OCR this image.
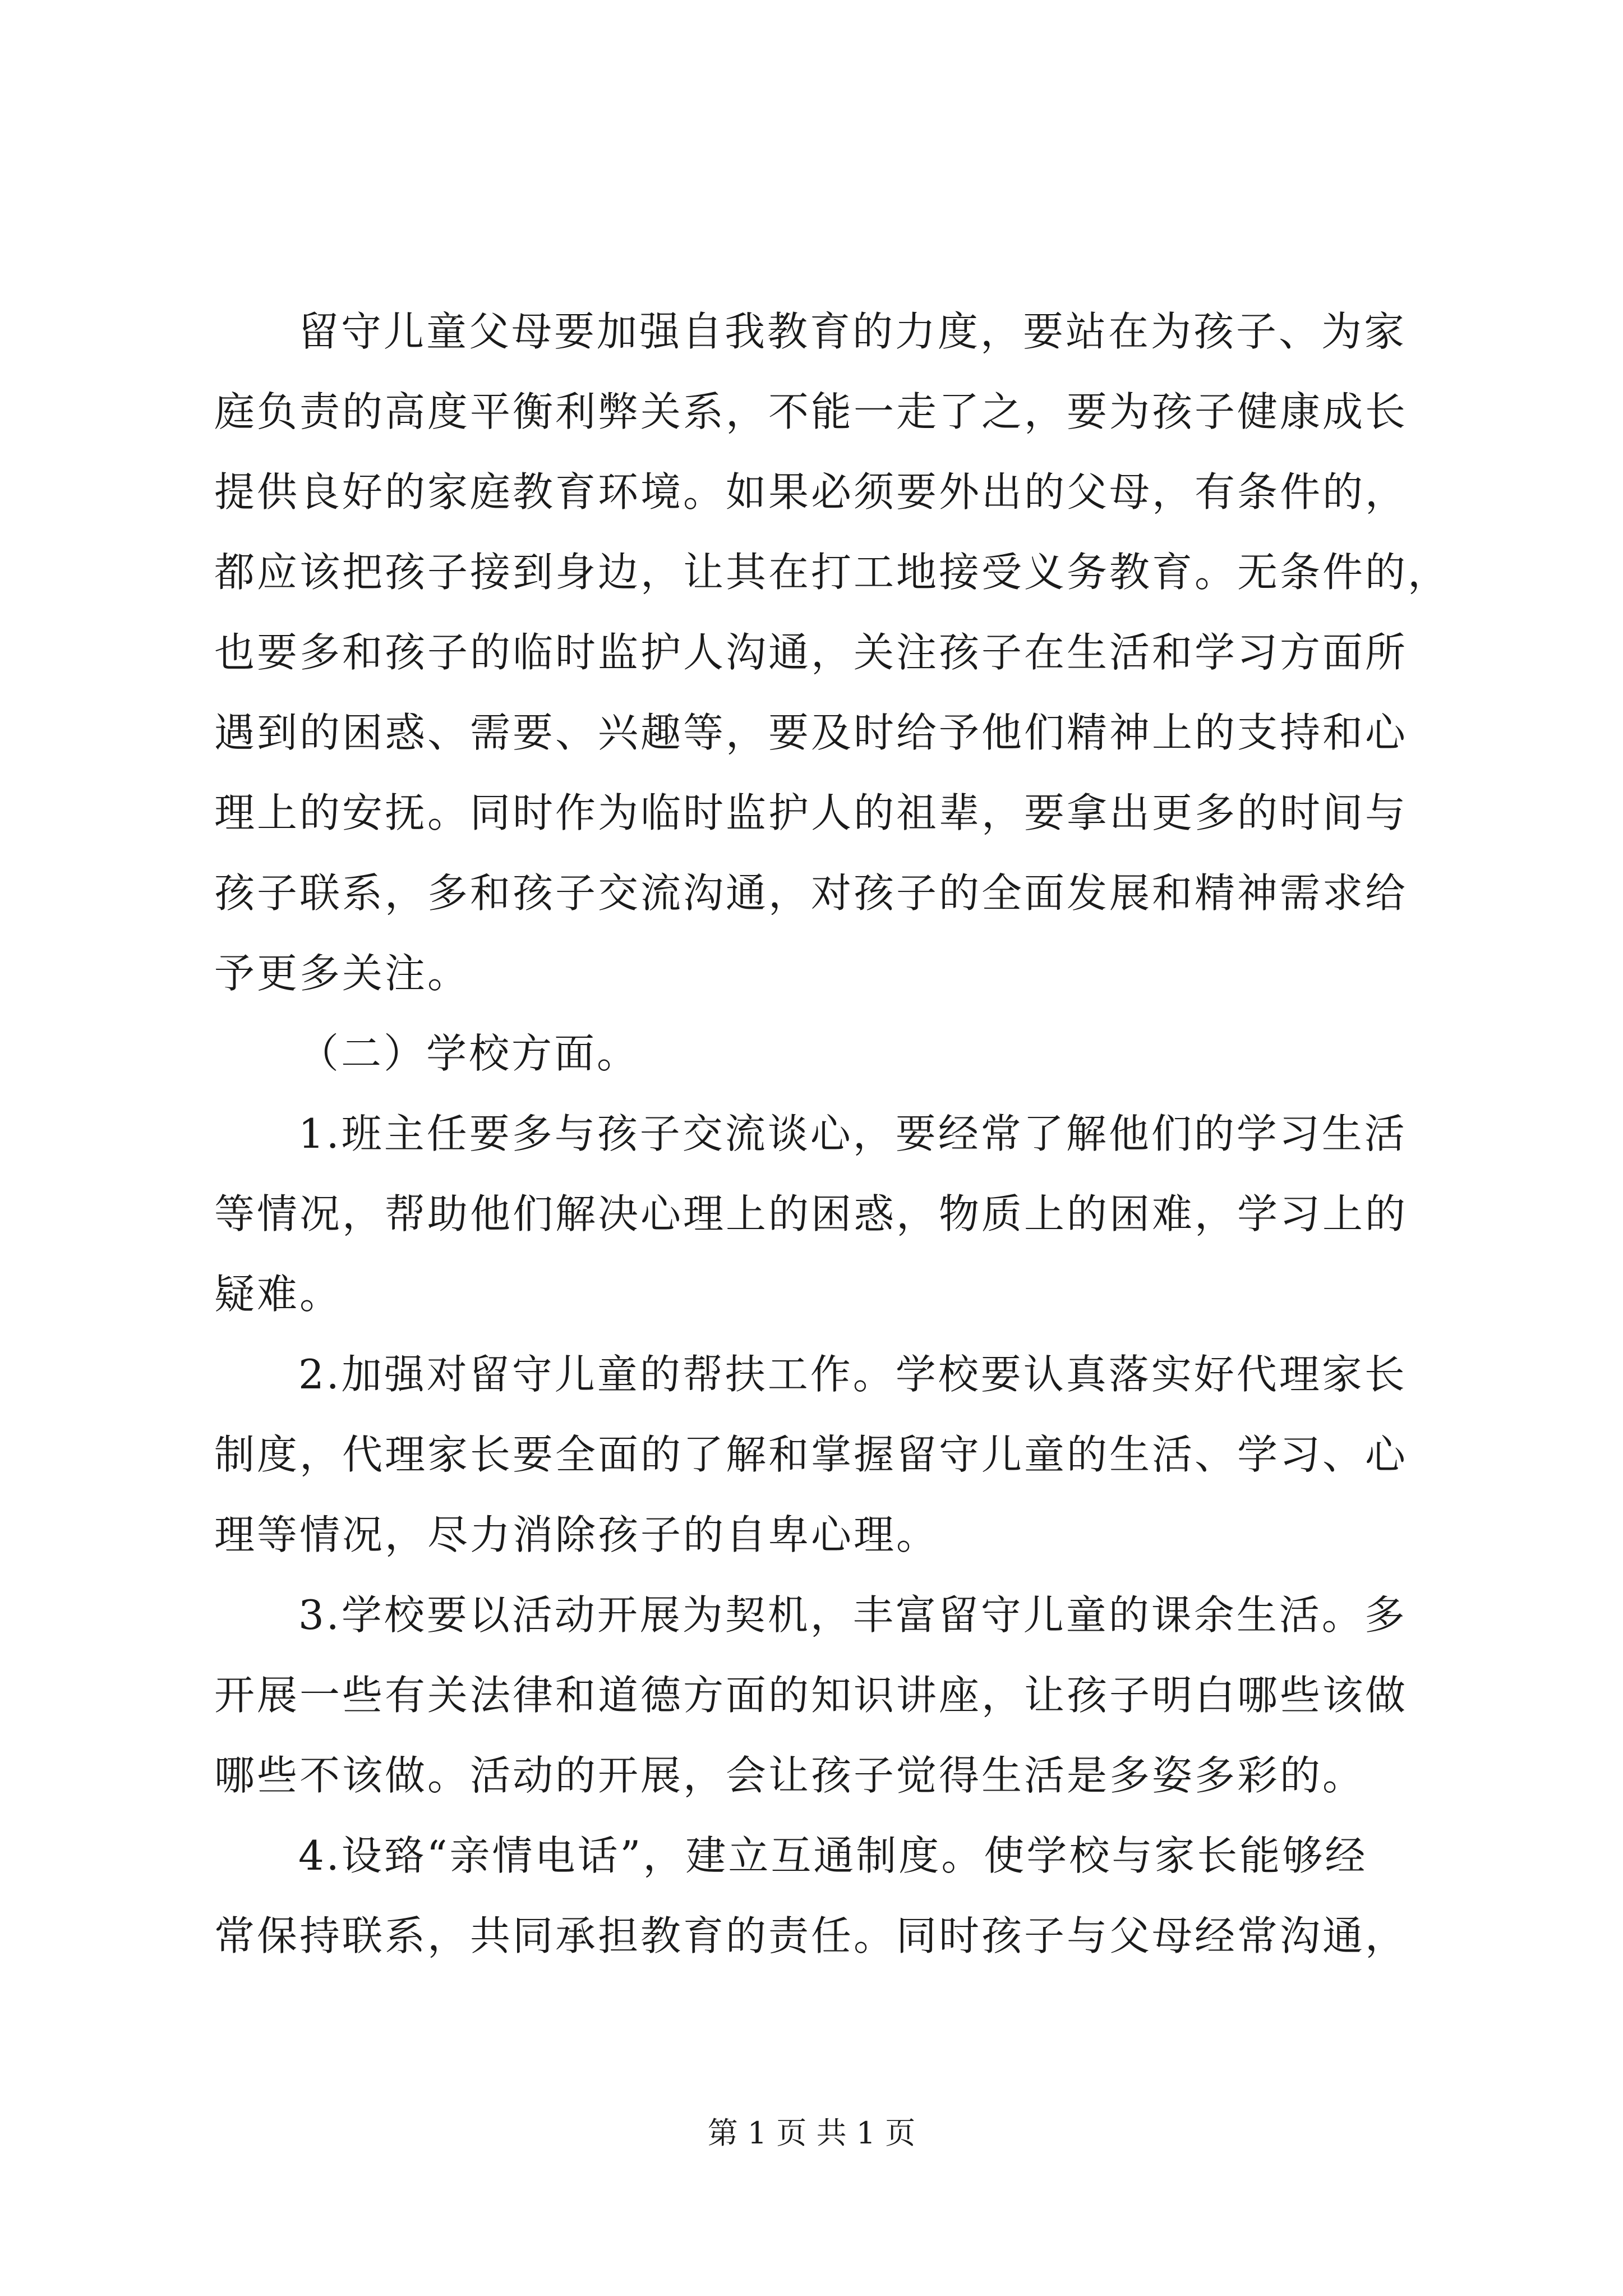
留守儿童父母要加强自我教育的力度，要站在为孩子、为家
庭负责的高度平衡利弊关系，不能一走了之，要为孩子健康成长
提供良好的家庭教育环境。如果必须要外出的父母，有条件的，
都应该把孩子接到身边，让其在打工地接受义务教育。无条件的，
也要多和孩子的临时监护人沟通，关注孩子在生活和学习方面所
遇到的困惑、需要、兴趣等，要及时给予他们精神上的支持和心
理上的安抚。同时作为临时监护人的祖辈，要拿出更多的时间与
孩子联系，多和孩子交流沟通，对孩子的全面发展和精神需求给
予更多关注。
（二）学校方面。
1.班主任要多与孩子交流谈心，要经常了解他们的学习生活
等情况，帮助他们解决心理上的困惑，物质上的困难，学习上的
疑难。
2.加强对留守儿童的帮扶工作。学校要认真落实好代理家长
制度，代理家长要全面的了解和掌握留守儿童的生活、学习、心
理等情况，尽力消除孩子的自卑心理。
3.学校要以活动开展为契机，丰富留守儿童的课余生活。多
开展一些有关法律和道德方面的知识讲座，让孩子明白哪些该做
哪些不该做。活动的开展，会让孩子觉得生活是多姿多彩的。
4.设臵“亲情电话”，建立互通制度。使学校与家长能够经
常保持联系，共同承担教育的责任。同时孩子与父母经常沟通，
第 1 页 共 1 页
